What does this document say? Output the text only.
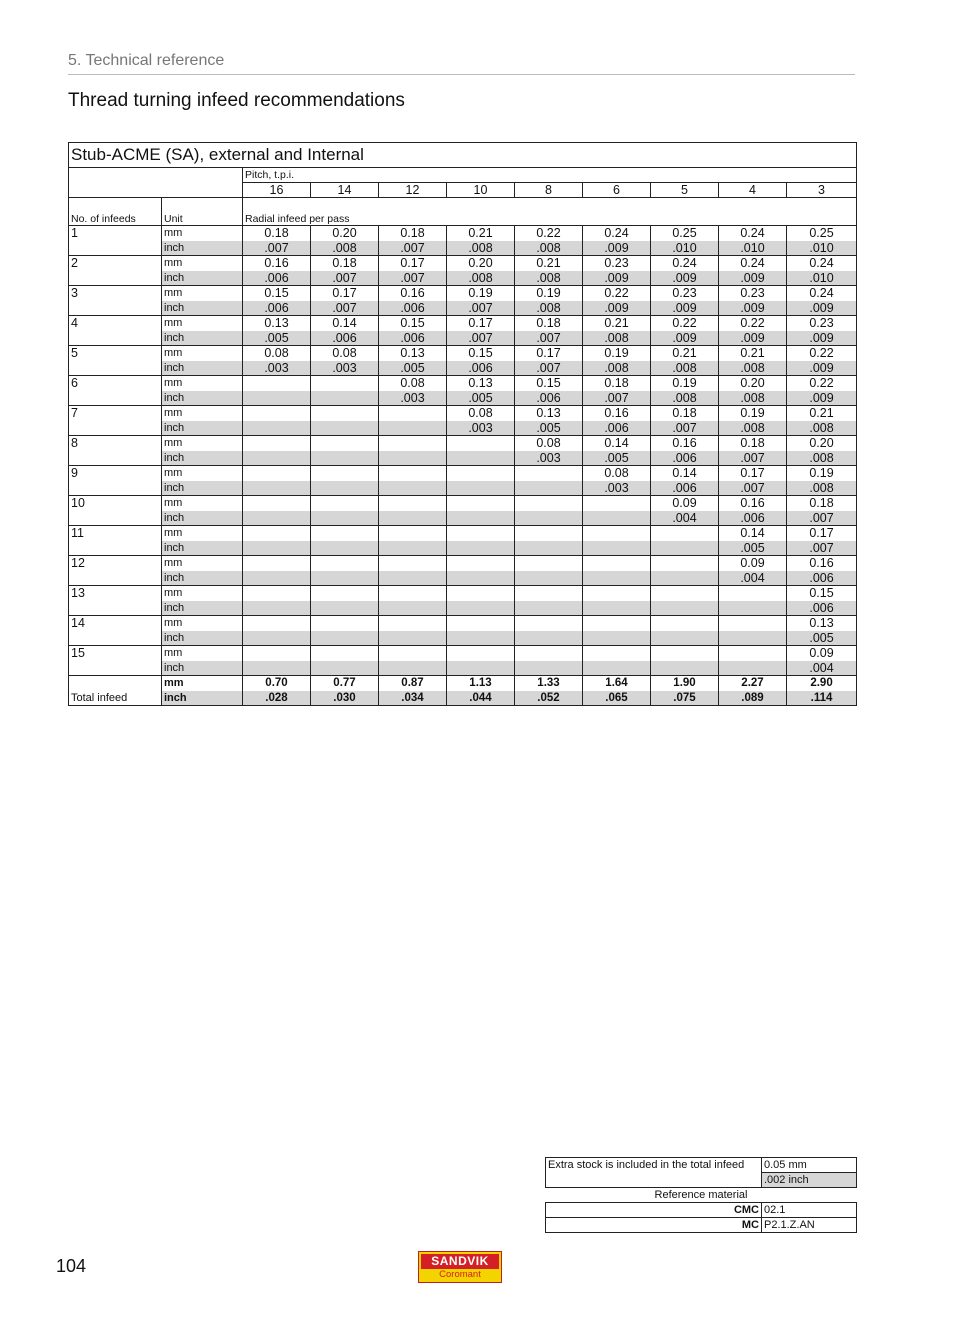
5. Technical reference
Thread turning infeed recommendations
Stub-ACME (SA), external and Internal										
		Pitch, t.p.i.								
		16	14	12	10	8	6	5	4	3
No. of infeeds	Unit	Radial infeed per pass								
1	mm	0.18	0.20	0.18	0.21	0.22	0.24	0.25	0.24	0.25
	inch	.007	.008	.007	.008	.008	.009	.010	.010	.010
2	mm	0.16	0.18	0.17	0.20	0.21	0.23	0.24	0.24	0.24
	inch	.006	.007	.007	.008	.008	.009	.009	.009	.010
3	mm	0.15	0.17	0.16	0.19	0.19	0.22	0.23	0.23	0.24
	inch	.006	.007	.006	.007	.008	.009	.009	.009	.009
4	mm	0.13	0.14	0.15	0.17	0.18	0.21	0.22	0.22	0.23
	inch	.005	.006	.006	.007	.007	.008	.009	.009	.009
5	mm	0.08	0.08	0.13	0.15	0.17	0.19	0.21	0.21	0.22
	inch	.003	.003	.005	.006	.007	.008	.008	.008	.009
6	mm			0.08	0.13	0.15	0.18	0.19	0.20	0.22
	inch			.003	.005	.006	.007	.008	.008	.009
7	mm				0.08	0.13	0.16	0.18	0.19	0.21
	inch				.003	.005	.006	.007	.008	.008
8	mm					0.08	0.14	0.16	0.18	0.20
	inch					.003	.005	.006	.007	.008
9	mm						0.08	0.14	0.17	0.19
	inch						.003	.006	.007	.008
10	mm							0.09	0.16	0.18
	inch							.004	.006	.007
11	mm								0.14	0.17
	inch								.005	.007
12	mm								0.09	0.16
	inch								.004	.006
13	mm									0.15
	inch									.006
14	mm									0.13
	inch									.005
15	mm									0.09
	inch									.004
Total infeed	mm	0.70	0.77	0.87	1.13	1.33	1.64	1.90	2.27	2.90
	inch	.028	.030	.034	.044	.052	.065	.075	.089	.114
Extra stock is included in the total infeed	0.05 mm
	.002 inch
Reference material	
CMC	02.1
MC	P2.1.Z.AN
104	SANDVIK
Coromant
